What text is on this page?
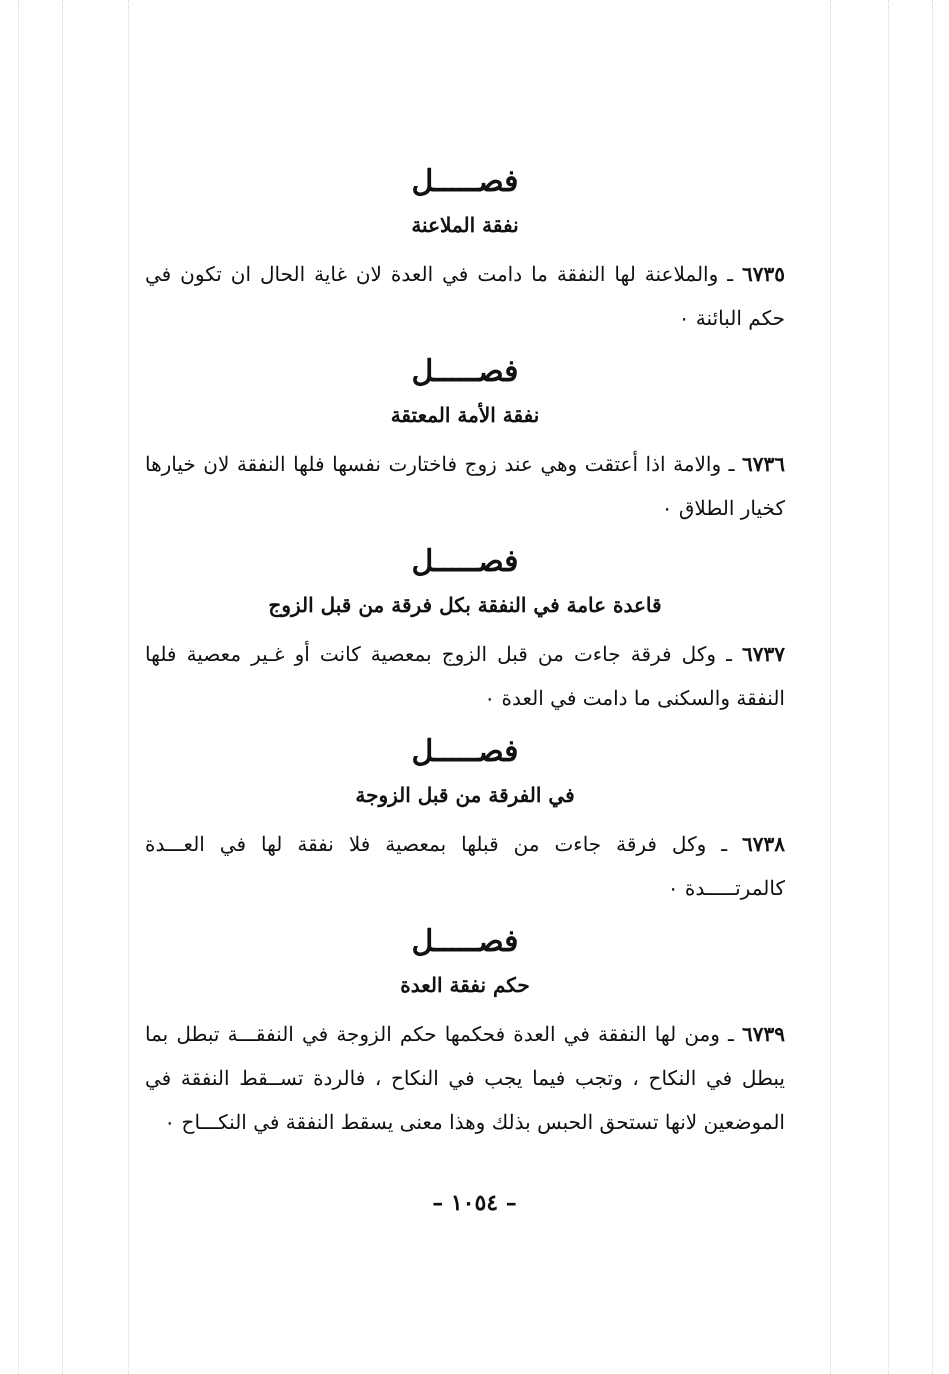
فصـــــل
نفقة الملاعنة

٦٧٣٥ ـ والملاعنة لها النفقة ما دامت في العدة لان غاية الحال ان تكون في حكم البائنة ٠

فصـــــل
نفقة الأمة المعتقة

٦٧٣٦ ـ والامة اذا أعتقت وهي عند زوج فاختارت نفسها فلها النفقة لان خيارها كخيار الطلاق ٠

فصـــــل
قاعدة عامة في النفقة بكل فرقة من قبل الزوج

٦٧٣٧ ـ وكل فرقة جاءت من قبل الزوج بمعصية كانت أو غـير معصية فلها النفقة والسكنى ما دامت في العدة ٠

فصـــــل
في الفرقة من قبل الزوجة

٦٧٣٨ ـ وكل فرقة جاءت من قبلها بمعصية فلا نفقة لها في العـــدة كالمرتـــــدة ٠

فصـــــل
حكم نفقة العدة

٦٧٣٩ ـ ومن لها النفقة في العدة فحكمها حكم الزوجة في النفقـــة تبطل بما يبطل في النكاح ، وتجب فيما يجب في النكاح ، فالردة تســقط النفقة في الموضعين لانها تستحق الحبس بذلك وهذا معنى يسقط النفقة في النكـــاح ٠

– ١٠٥٤ –
